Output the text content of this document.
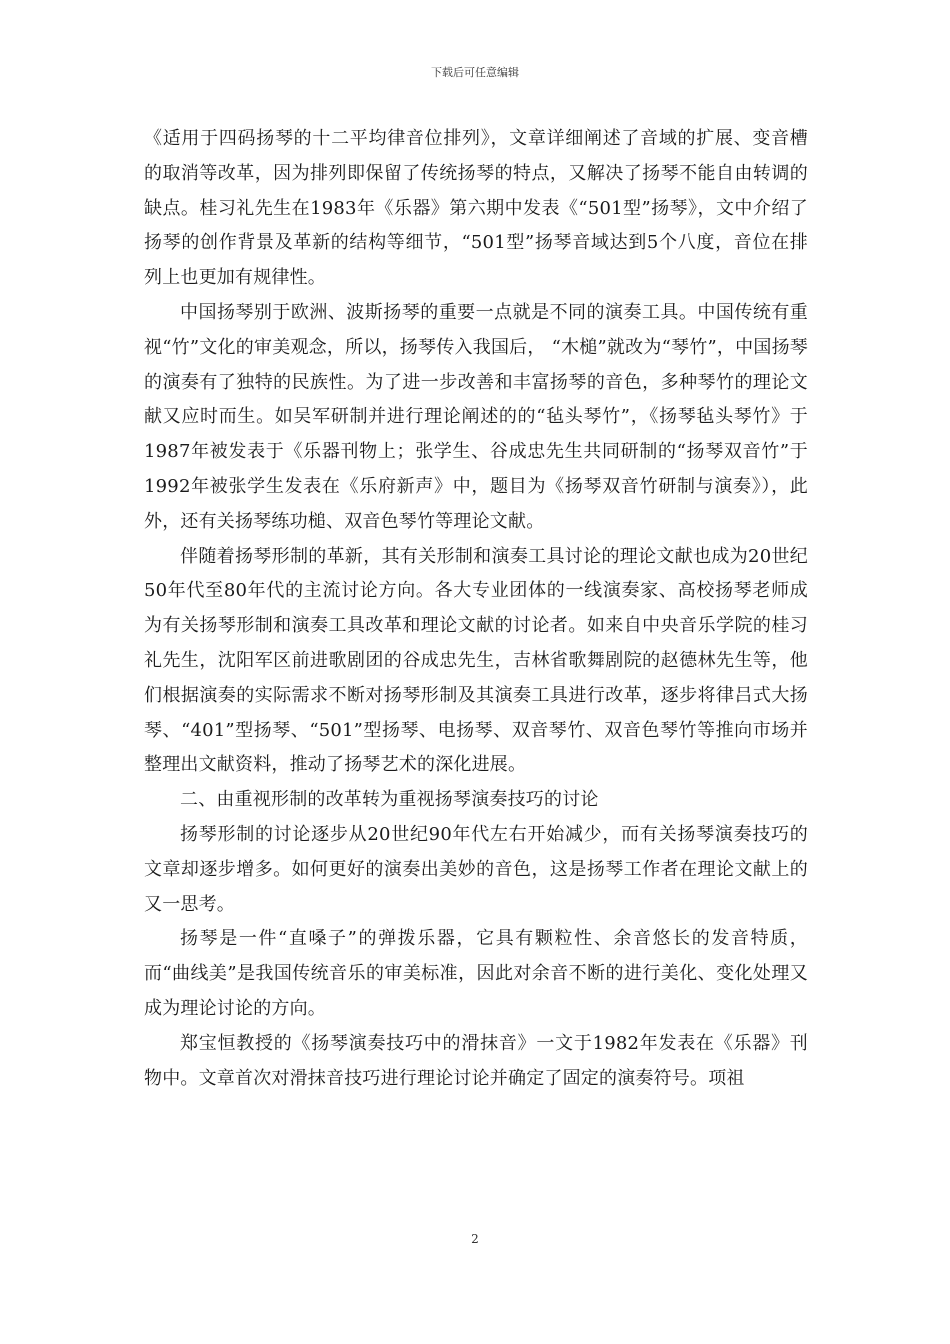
下载后可任意编辑

《适用于四码扬琴的十二平均律音位排列》，文章详细阐述了音域的扩展、变音槽的取消等改革，因为排列即保留了传统扬琴的特点，又解决了扬琴不能自由转调的缺点。桂习礼先生在1983年《乐器》第六期中发表《“501型”扬琴》，文中介绍了扬琴的创作背景及革新的结构等细节，“501型”扬琴音域达到5个八度，音位在排列上也更加有规律性。

中国扬琴别于欧洲、波斯扬琴的重要一点就是不同的演奏工具。中国传统有重视“竹”文化的审美观念，所以，扬琴传入我国后， “木槌”就改为“琴竹”，中国扬琴的演奏有了独特的民族性。为了进一步改善和丰富扬琴的音色，多种琴竹的理论文献又应时而生。如吴军研制并进行理论阐述的的“毡头琴竹”，《扬琴毡头琴竹》于1987年被发表于《乐器刊物上；张学生、谷成忠先生共同研制的“扬琴双音竹”于1992年被张学生发表在《乐府新声》中，题目为《扬琴双音竹研制与演奏》），此外，还有关扬琴练功槌、双音色琴竹等理论文献。

伴随着扬琴形制的革新，其有关形制和演奏工具讨论的理论文献也成为20世纪50年代至80年代的主流讨论方向。各大专业团体的一线演奏家、高校扬琴老师成为有关扬琴形制和演奏工具改革和理论文献的讨论者。如来自中央音乐学院的桂习礼先生，沈阳军区前进歌剧团的谷成忠先生，吉林省歌舞剧院的赵德林先生等，他们根据演奏的实际需求不断对扬琴形制及其演奏工具进行改革，逐步将律吕式大扬琴、“401”型扬琴、“501”型扬琴、电扬琴、双音琴竹、双音色琴竹等推向市场并整理出文献资料，推动了扬琴艺术的深化进展。

二、由重视形制的改革转为重视扬琴演奏技巧的讨论

扬琴形制的讨论逐步从20世纪90年代左右开始减少，而有关扬琴演奏技巧的文章却逐步增多。如何更好的演奏出美妙的音色，这是扬琴工作者在理论文献上的又一思考。

扬琴是一件“直嗓子”的弹拨乐器，它具有颗粒性、余音悠长的发音特质，而“曲线美”是我国传统音乐的审美标准，因此对余音不断的进行美化、变化处理又成为理论讨论的方向。

郑宝恒教授的《扬琴演奏技巧中的滑抹音》一文于1982年发表在《乐器》刊物中。文章首次对滑抹音技巧进行理论讨论并确定了固定的演奏符号。项祖

2
